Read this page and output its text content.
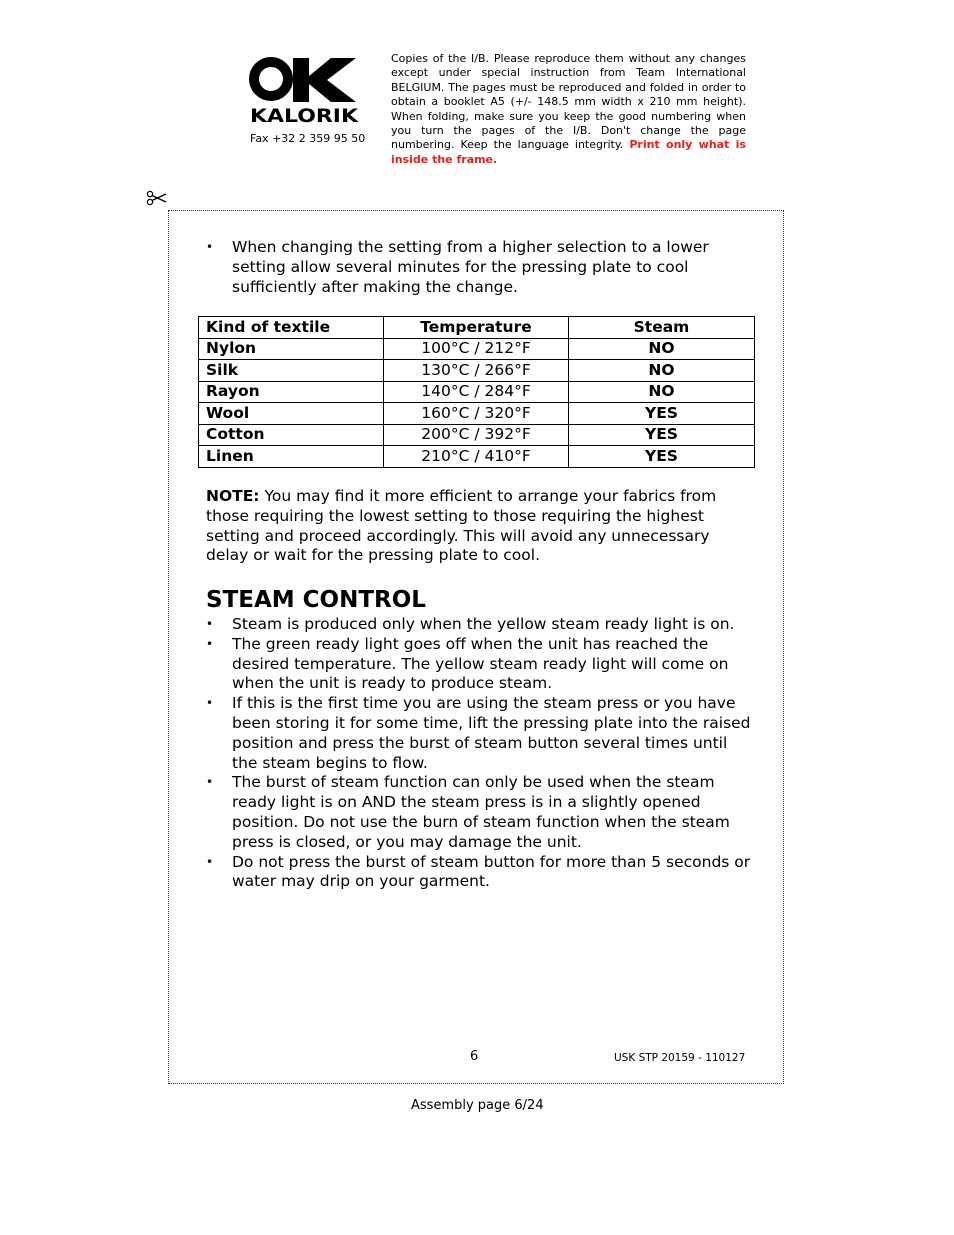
KALORIK
Fax +32 2 359 95 50
Copies of the I/B. Please reproduce them without any changes except under special instruction from Team International BELGIUM. The pages must be reproduced and folded in order to obtain a booklet A5 (+/- 148.5 mm width x 210 mm height). When folding, make sure you keep the good numbering when you turn the pages of the I/B. Don't change the page numbering. Keep the language integrity. Print only what is inside the frame.
• When changing the setting from a higher selection to a lower setting allow several minutes for the pressing plate to cool sufficiently after making the change.
Kind of textile	Temperature	Steam
Nylon	100°C / 212°F	NO
Silk	130°C / 266°F	NO
Rayon	140°C / 284°F	NO
Wool	160°C / 320°F	YES
Cotton	200°C / 392°F	YES
Linen	210°C / 410°F	YES

NOTE: You may find it more efficient to arrange your fabrics from those requiring the lowest setting to those requiring the highest setting and proceed accordingly. This will avoid any unnecessary delay or wait for the pressing plate to cool.

STEAM CONTROL
• Steam is produced only when the yellow steam ready light is on.
• The green ready light goes off when the unit has reached the desired temperature. The yellow steam ready light will come on when the unit is ready to produce steam.
• If this is the first time you are using the steam press or you have been storing it for some time, lift the pressing plate into the raised position and press the burst of steam button several times until the steam begins to flow.
• The burst of steam function can only be used when the steam ready light is on AND the steam press is in a slightly opened position. Do not use the burn of steam function when the steam press is closed, or you may damage the unit.
• Do not press the burst of steam button for more than 5 seconds or water may drip on your garment.
6	USK STP 20159 - 110127
Assembly page 6/24
